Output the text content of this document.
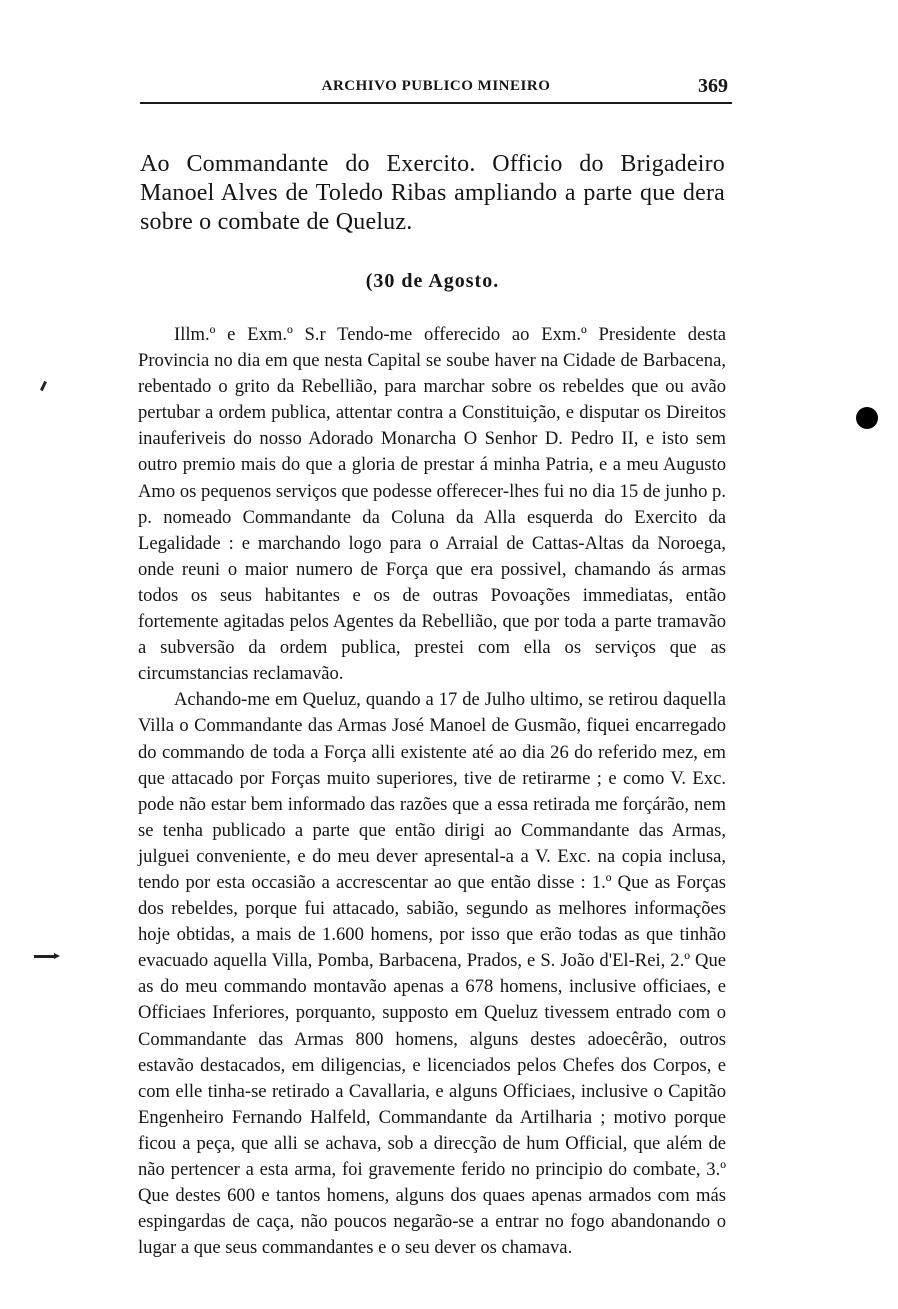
ARCHIVO PUBLICO MINEIRO	369
Ao Commandante do Exercito. Officio do Brigadeiro Manoel Alves de Toledo Ribas ampliando a parte que dera sobre o combate de Queluz.
(30 de Agosto.

Illm.º e Exm.º S.r Tendo-me offerecido ao Exm.º Presidente desta Provincia no dia em que nesta Capital se soube haver na Cidade de Barbacena, rebentado o grito da Rebellião, para marchar sobre os rebeldes que ou avão pertubar a ordem publica, attentar contra a Constituição, e disputar os Direitos inauferiveis do nosso Adorado Monarcha O Senhor D. Pedro II, e isto sem outro premio mais do que a gloria de prestar á minha Patria, e a meu Augusto Amo os pequenos serviços que podesse offerecer-lhes fui no dia 15 de junho p. p. nomeado Commandante da Coluna da Alla esquerda do Exercito da Legalidade : e marchando logo para o Arraial de Cattas-Altas da Noroega, onde reuni o maior numero de Força que era possivel, chamando ás armas todos os seus habitantes e os de outras Povoações immediatas, então fortemente agitadas pelos Agentes da Rebellião, que por toda a parte tramavão a subversão da ordem publica, prestei com ella os serviços que as circumstancias reclamavão.

Achando-me em Queluz, quando a 17 de Julho ultimo, se retirou daquella Villa o Commandante das Armas José Manoel de Gusmão, fiquei encarregado do commando de toda a Força alli existente até ao dia 26 do referido mez, em que attacado por Forças muito superiores, tive de retirarme ; e como V. Exc. pode não estar bem informado das razões que a essa retirada me forçárão, nem se tenha publicado a parte que então dirigi ao Commandante das Armas, julguei conveniente, e do meu dever apresental-a a V. Exc. na copia inclusa, tendo por esta occasião a accrescentar ao que então disse : 1.º Que as Forças dos rebeldes, porque fui attacado, sabião, segundo as melhores informações hoje obtidas, a mais de 1.600 homens, por isso que erão todas as que tinhão evacuado aquella Villa, Pomba, Barbacena, Prados, e S. João d'El-Rei, 2.º Que as do meu commando montavão apenas a 678 homens, inclusive officiaes, e Officiaes Inferiores, porquanto, supposto em Queluz tivessem entrado com o Commandante das Armas 800 homens, alguns destes adoecêrão, outros estavão destacados, em diligencias, e licenciados pelos Chefes dos Corpos, e com elle tinha-se retirado a Cavallaria, e alguns Officiaes, inclusive o Capitão Engenheiro Fernando Halfeld, Commandante da Artilharia ; motivo porque ficou a peça, que alli se achava, sob a direcção de hum Official, que além de não pertencer a esta arma, foi gravemente ferido no principio do combate, 3.º Que destes 600 e tantos homens, alguns dos quaes apenas armados com más espingardas de caça, não poucos negarão-se a entrar no fogo abandonando o lugar a que seus commandantes e o seu dever os chamava.
